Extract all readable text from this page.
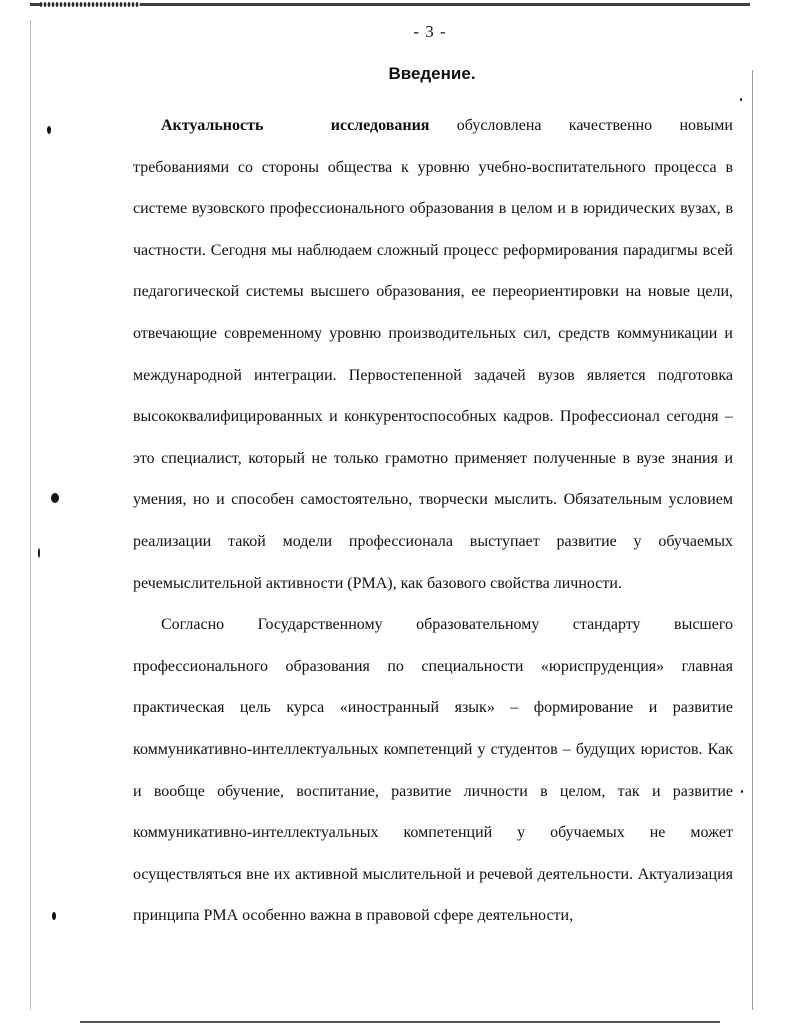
- 3 -
Введение.

Актуальность исследования обусловлена качественно новыми требованиями со стороны общества к уровню учебно-воспитательного процесса в системе вузовского профессионального образования в целом и в юридических вузах, в частности. Сегодня мы наблюдаем сложный процесс реформирования парадигмы всей педагогической системы высшего образования, ее переориентировки на новые цели, отвечающие современному уровню производительных сил, средств коммуникации и международной интеграции. Первостепенной задачей вузов является подготовка высококвалифицированных и конкурентоспособных кадров. Профессионал сегодня – это специалист, который не только грамотно применяет полученные в вузе знания и умения, но и способен самостоятельно, творчески мыслить. Обязательным условием реализации такой модели профессионала выступает развитие у обучаемых речемыслительной активности (РМА), как базового свойства личности.

Согласно Государственному образовательному стандарту высшего профессионального образования по специальности «юриспруденция» главная практическая цель курса «иностранный язык» – формирование и развитие коммуникативно-интеллектуальных компетенций у студентов – будущих юристов. Как и вообще обучение, воспитание, развитие личности в целом, так и развитие коммуникативно-интеллектуальных компетенций у обучаемых не может осуществляться вне их активной мыслительной и речевой деятельности. Актуализация принципа РМА особенно важна в правовой сфере деятельности,
